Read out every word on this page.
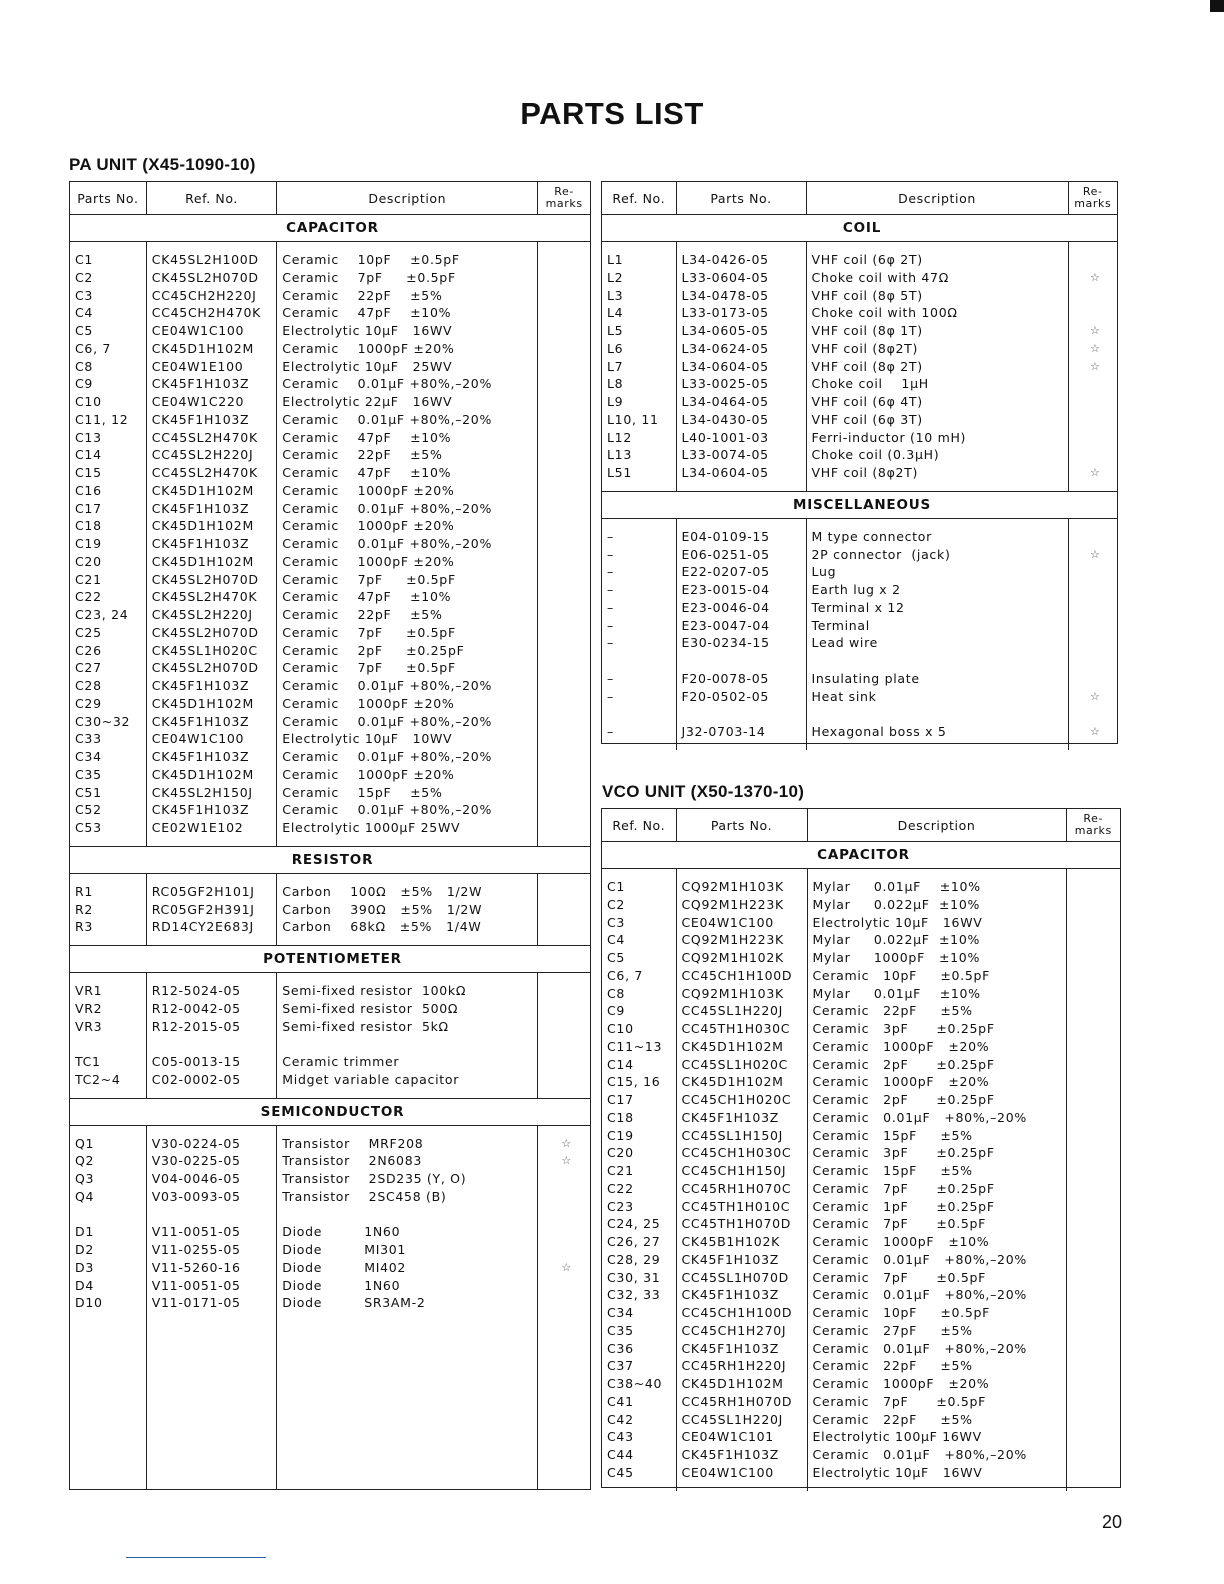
PARTS LIST
PA UNIT (X45-1090-10)
Parts No.	Ref. No.	Description	Re-
marks
CAPACITOR			

C1	CK45SL2H100D	Ceramic    10pF    ±0.5pF	
C2	CK45SL2H070D	Ceramic    7pF     ±0.5pF	
C3	CC45CH2H220J	Ceramic    22pF    ±5%	
C4	CC45CH2H470K	Ceramic    47pF    ±10%	
C5	CE04W1C100	Electrolytic 10µF   16WV	
C6, 7	CK45D1H102M	Ceramic    1000pF ±20%	
C8	CE04W1E100	Electrolytic 10µF   25WV	
C9	CK45F1H103Z	Ceramic    0.01µF +80%,–20%	
C10	CE04W1C220	Electrolytic 22µF   16WV	
C11, 12	CK45F1H103Z	Ceramic    0.01µF +80%,–20%	
C13	CC45SL2H470K	Ceramic    47pF    ±10%	
C14	CC45SL2H220J	Ceramic    22pF    ±5%	
C15	CC45SL2H470K	Ceramic    47pF    ±10%	
C16	CK45D1H102M	Ceramic    1000pF ±20%	
C17	CK45F1H103Z	Ceramic    0.01µF +80%,–20%	
C18	CK45D1H102M	Ceramic    1000pF ±20%	
C19	CK45F1H103Z	Ceramic    0.01µF +80%,–20%	
C20	CK45D1H102M	Ceramic    1000pF ±20%	
C21	CK45SL2H070D	Ceramic    7pF     ±0.5pF	
C22	CK45SL2H470K	Ceramic    47pF    ±10%	
C23, 24	CK45SL2H220J	Ceramic    22pF    ±5%	
C25	CK45SL2H070D	Ceramic    7pF     ±0.5pF	
C26	CK45SL1H020C	Ceramic    2pF     ±0.25pF	
C27	CK45SL2H070D	Ceramic    7pF     ±0.5pF	
C28	CK45F1H103Z	Ceramic    0.01µF +80%,–20%	
C29	CK45D1H102M	Ceramic    1000pF ±20%	
C30~32	CK45F1H103Z	Ceramic    0.01µF +80%,–20%	
C33	CE04W1C100	Electrolytic 10µF   10WV	
C34	CK45F1H103Z	Ceramic    0.01µF +80%,–20%	
C35	CK45D1H102M	Ceramic    1000pF ±20%	
C51	CK45SL2H150J	Ceramic    15pF    ±5%	
C52	CK45F1H103Z	Ceramic    0.01µF +80%,–20%	
C53	CE02W1E102	Electrolytic 1000µF 25WV	

RESISTOR			

R1	RC05GF2H101J	Carbon    100Ω   ±5%   1/2W	
R2	RC05GF2H391J	Carbon    390Ω   ±5%   1/2W	
R3	RD14CY2E683J	Carbon    68kΩ   ±5%   1/4W	

POTENTIOMETER			

VR1	R12-5024-05	Semi-fixed resistor  100kΩ	
VR2	R12-0042-05	Semi-fixed resistor  500Ω	
VR3	R12-2015-05	Semi-fixed resistor  5kΩ	

TC1	C05-0013-15	Ceramic trimmer	
TC2~4	C02-0002-05	Midget variable capacitor	

SEMICONDUCTOR			

Q1	V30-0224-05	Transistor    MRF208	☆
Q2	V30-0225-05	Transistor    2N6083	☆
Q3	V04-0046-05	Transistor    2SD235 (Y, O)	
Q4	V03-0093-05	Transistor    2SC458 (B)	

D1	V11-0051-05	Diode         1N60	
D2	V11-0255-05	Diode         MI301	
D3	V11-5260-16	Diode         MI402	☆
D4	V11-0051-05	Diode         1N60	
D10	V11-0171-05	Diode         SR3AM-2	

Ref. No.	Parts No.	Description	Re-
marks
COIL			

L1	L34-0426-05	VHF coil (6φ 2T)	
L2	L33-0604-05	Choke coil with 47Ω	☆
L3	L34-0478-05	VHF coil (8φ 5T)	
L4	L33-0173-05	Choke coil with 100Ω	
L5	L34-0605-05	VHF coil (8φ 1T)	☆
L6	L34-0624-05	VHF coil (8φ2T)	☆
L7	L34-0604-05	VHF coil (8φ 2T)	☆
L8	L33-0025-05	Choke coil    1µH	
L9	L34-0464-05	VHF coil (6φ 4T)	
L10, 11	L34-0430-05	VHF coil (6φ 3T)	
L12	L40-1001-03	Ferri-inductor (10 mH)	
L13	L33-0074-05	Choke coil (0.3µH)	
L51	L34-0604-05	VHF coil (8φ2T)	☆

MISCELLANEOUS			

–	E04-0109-15	M type connector	
–	E06-0251-05	2P connector  (jack)	☆
–	E22-0207-05	Lug	
–	E23-0015-04	Earth lug x 2	
–	E23-0046-04	Terminal x 12	
–	E23-0047-04	Terminal	
–	E30-0234-15	Lead wire	

–	F20-0078-05	Insulating plate	
–	F20-0502-05	Heat sink	☆

–	J32-0703-14	Hexagonal boss x 5	☆

VCO UNIT (X50-1370-10)
Ref. No.	Parts No.	Description	Re-
marks
CAPACITOR			

C1	CQ92M1H103K	Mylar     0.01µF    ±10%	
C2	CQ92M1H223K	Mylar     0.022µF  ±10%	
C3	CE04W1C100	Electrolytic 10µF   16WV	
C4	CQ92M1H223K	Mylar     0.022µF  ±10%	
C5	CQ92M1H102K	Mylar     1000pF   ±10%	
C6, 7	CC45CH1H100D	Ceramic   10pF     ±0.5pF	
C8	CQ92M1H103K	Mylar     0.01µF    ±10%	
C9	CC45SL1H220J	Ceramic   22pF     ±5%	
C10	CC45TH1H030C	Ceramic   3pF      ±0.25pF	
C11~13	CK45D1H102M	Ceramic   1000pF   ±20%	
C14	CC45SL1H020C	Ceramic   2pF      ±0.25pF	
C15, 16	CK45D1H102M	Ceramic   1000pF   ±20%	
C17	CC45CH1H020C	Ceramic   2pF      ±0.25pF	
C18	CK45F1H103Z	Ceramic   0.01µF   +80%,–20%	
C19	CC45SL1H150J	Ceramic   15pF     ±5%	
C20	CC45CH1H030C	Ceramic   3pF      ±0.25pF	
C21	CC45CH1H150J	Ceramic   15pF     ±5%	
C22	CC45RH1H070C	Ceramic   7pF      ±0.25pF	
C23	CC45TH1H010C	Ceramic   1pF      ±0.25pF	
C24, 25	CC45TH1H070D	Ceramic   7pF      ±0.5pF	
C26, 27	CK45B1H102K	Ceramic   1000pF   ±10%	
C28, 29	CK45F1H103Z	Ceramic   0.01µF   +80%,–20%	
C30, 31	CC45SL1H070D	Ceramic   7pF      ±0.5pF	
C32, 33	CK45F1H103Z	Ceramic   0.01µF   +80%,–20%	
C34	CC45CH1H100D	Ceramic   10pF     ±0.5pF	
C35	CC45CH1H270J	Ceramic   27pF     ±5%	
C36	CK45F1H103Z	Ceramic   0.01µF   +80%,–20%	
C37	CC45RH1H220J	Ceramic   22pF     ±5%	
C38~40	CK45D1H102M	Ceramic   1000pF   ±20%	
C41	CC45RH1H070D	Ceramic   7pF      ±0.5pF	
C42	CC45SL1H220J	Ceramic   22pF     ±5%	
C43	CE04W1C101	Electrolytic 100µF 16WV	
C44	CK45F1H103Z	Ceramic   0.01µF   +80%,–20%	
C45	CE04W1C100	Electrolytic 10µF   16WV	

20
